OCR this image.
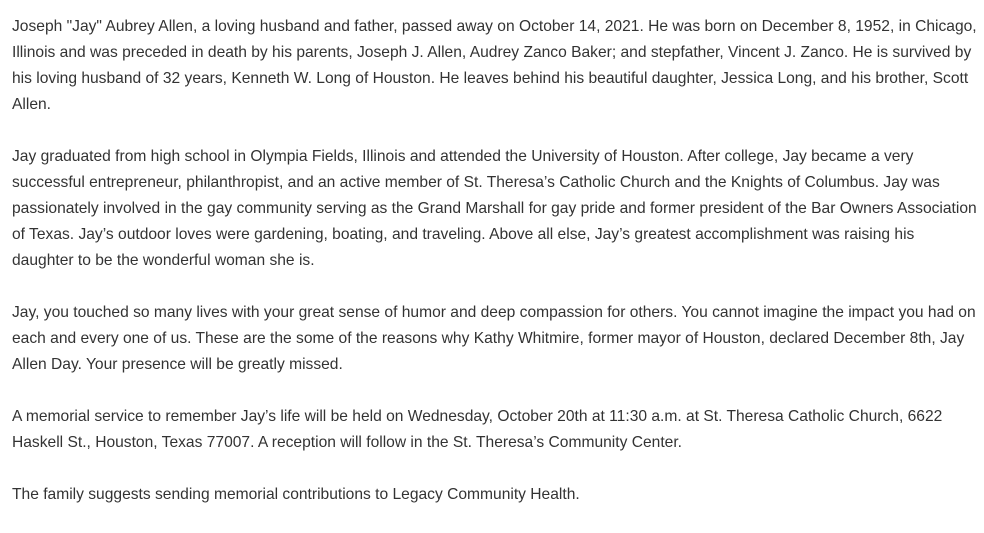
Joseph "Jay" Aubrey Allen, a loving husband and father, passed away on October 14, 2021. He was born on December 8, 1952, in Chicago, Illinois and was preceded in death by his parents, Joseph J. Allen, Audrey Zanco Baker; and stepfather, Vincent J. Zanco. He is survived by his loving husband of 32 years, Kenneth W. Long of Houston. He leaves behind his beautiful daughter, Jessica Long, and his brother, Scott Allen.

Jay graduated from high school in Olympia Fields, Illinois and attended the University of Houston. After college, Jay became a very successful entrepreneur, philanthropist, and an active member of St. Theresa’s Catholic Church and the Knights of Columbus. Jay was passionately involved in the gay community serving as the Grand Marshall for gay pride and former president of the Bar Owners Association of Texas. Jay’s outdoor loves were gardening, boating, and traveling. Above all else, Jay’s greatest accomplishment was raising his daughter to be the wonderful woman she is.

Jay, you touched so many lives with your great sense of humor and deep compassion for others. You cannot imagine the impact you had on each and every one of us. These are the some of the reasons why Kathy Whitmire, former mayor of Houston, declared December 8th, Jay Allen Day. Your presence will be greatly missed.

A memorial service to remember Jay’s life will be held on Wednesday, October 20th at 11:30 a.m. at St. Theresa Catholic Church, 6622 Haskell St., Houston, Texas 77007. A reception will follow in the St. Theresa’s Community Center.

The family suggests sending memorial contributions to Legacy Community Health.
